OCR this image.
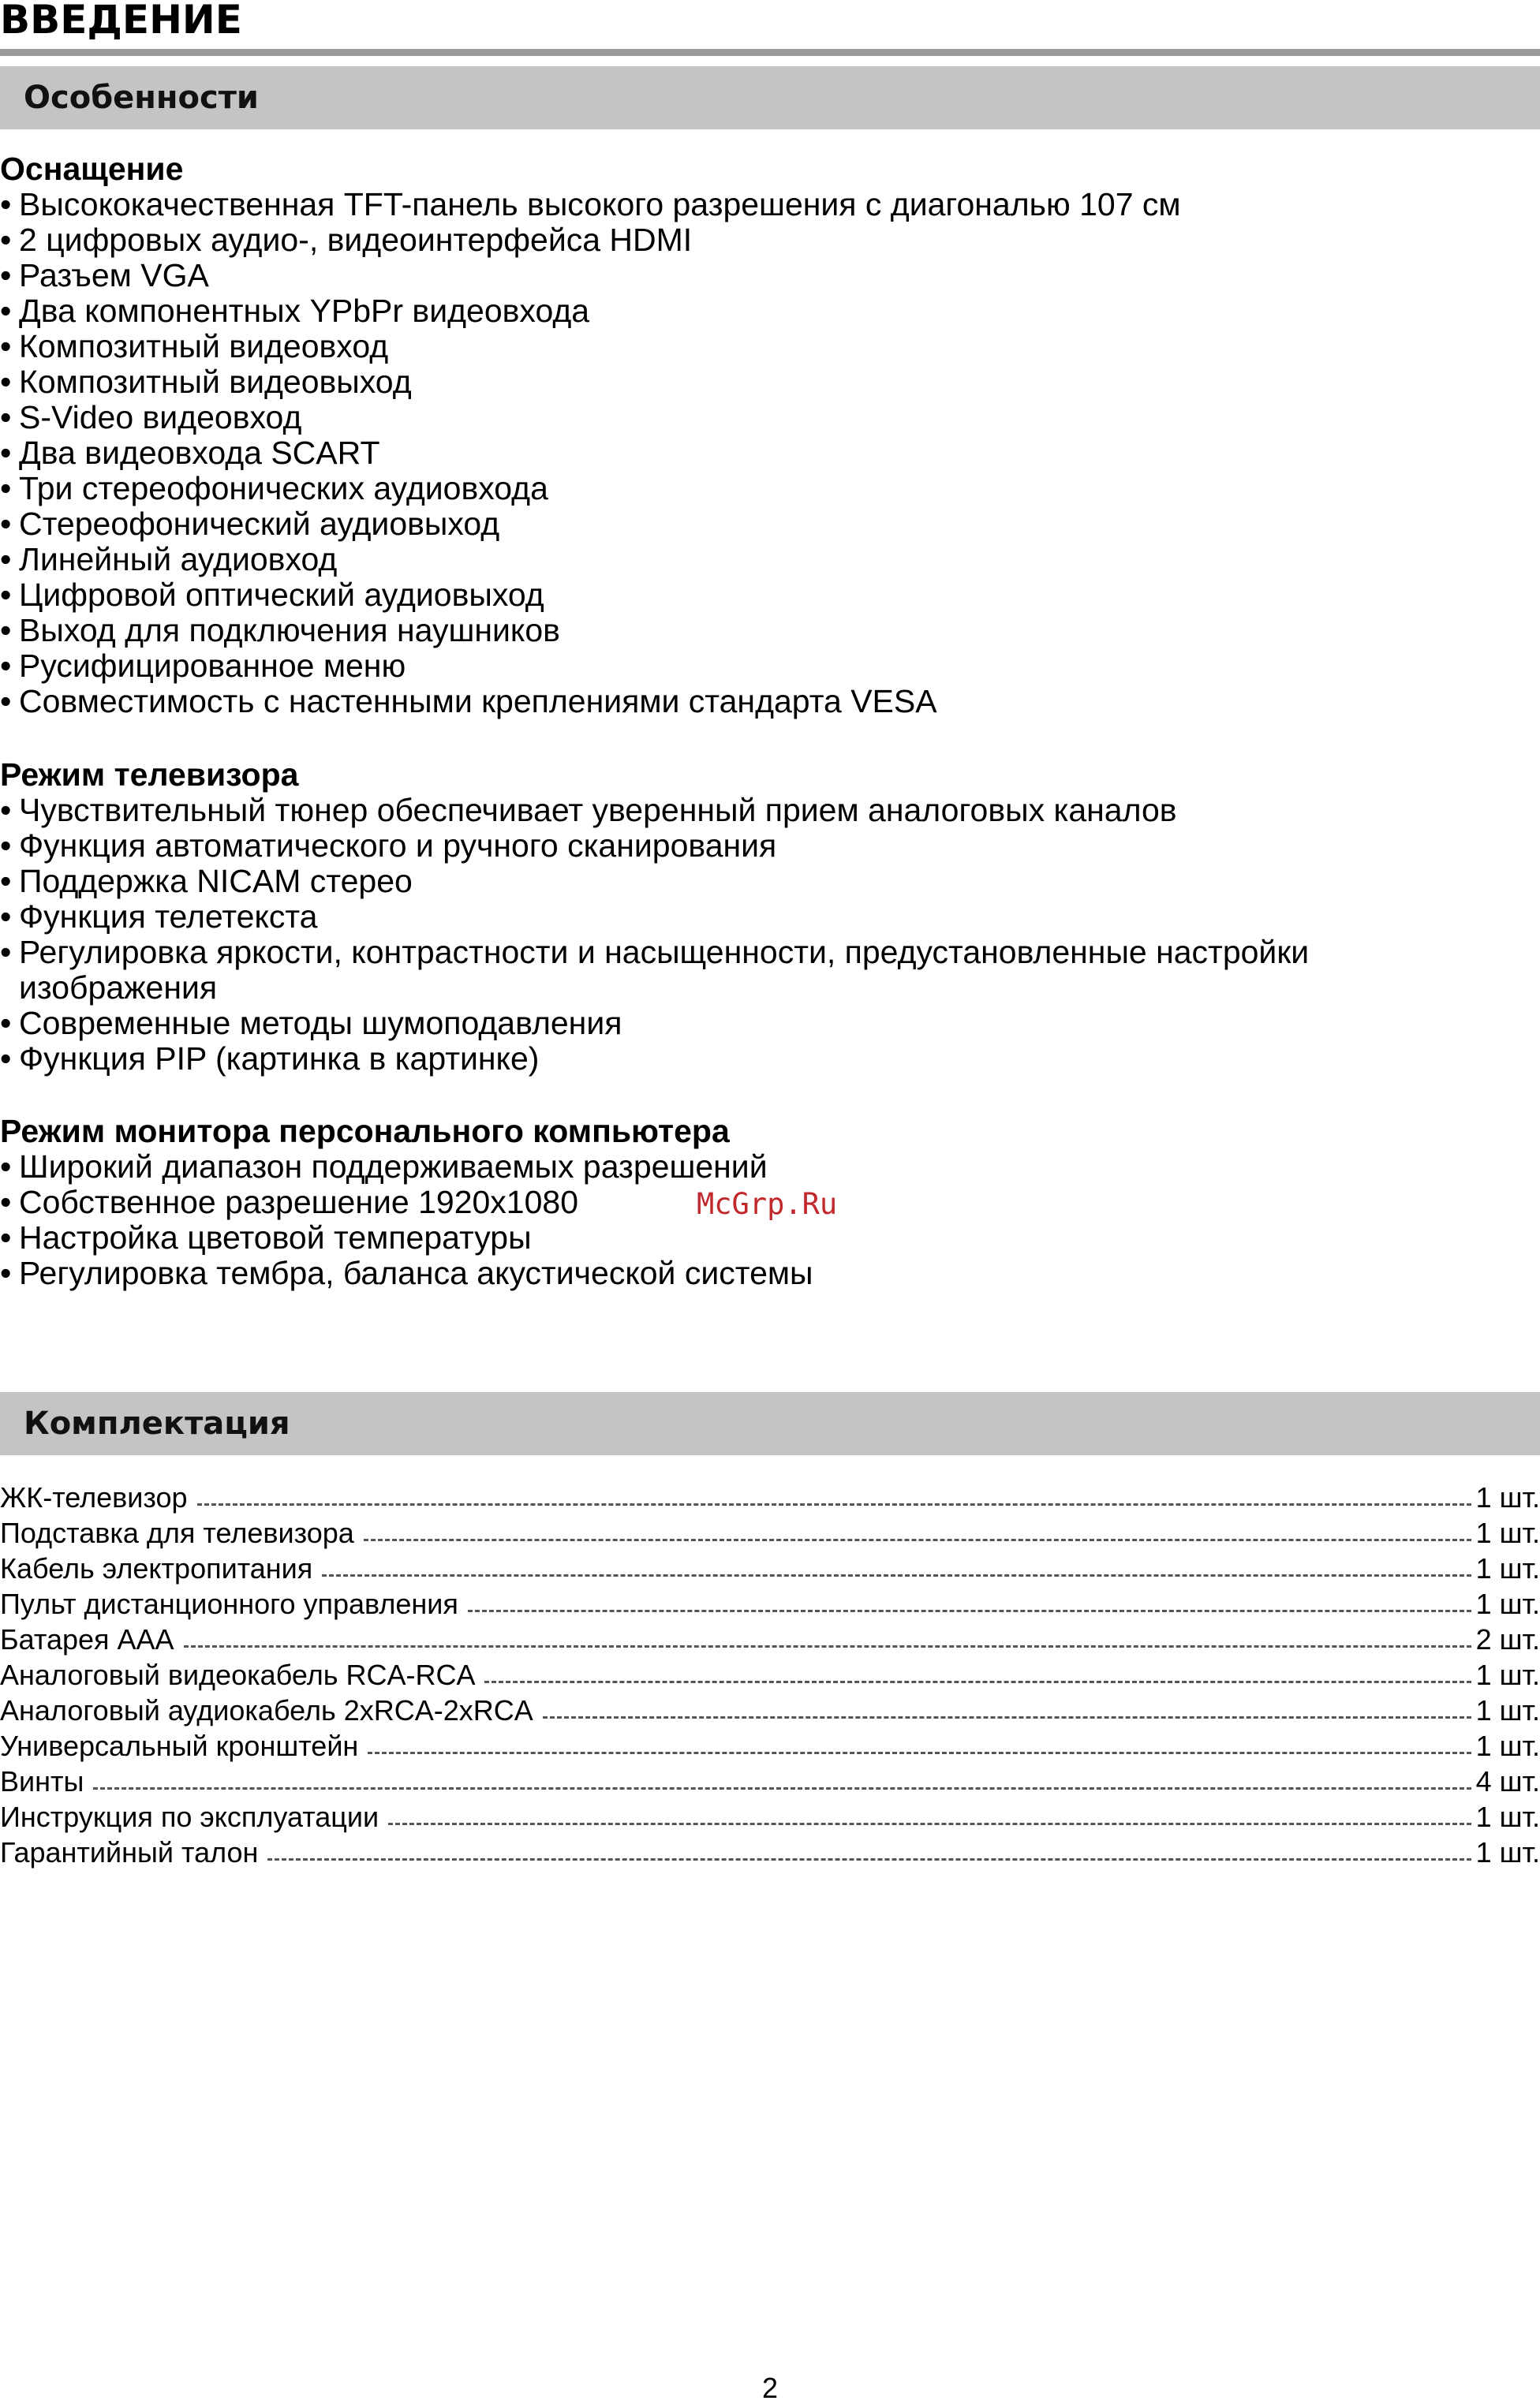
ВВЕДЕНИЕ
Особенности
Оснащение
• Высококачественная TFT-панель высокого разрешения с диагональю 107 см
• 2 цифровых аудио-, видеоинтерфейса HDMI
• Разъем VGA
• Два компонентных YPbPr видеовхода
• Композитный видеовход
• Композитный видеовыход
• S-Video видеовход
• Два видеовхода SCART
• Три стереофонических аудиовхода
• Стереофонический аудиовыход
• Линейный аудиовход
• Цифровой оптический аудиовыход
• Выход для подключения наушников
• Русифицированное меню
• Совместимость с настенными креплениями стандарта VESA
Режим телевизора
• Чувствительный тюнер обеспечивает уверенный прием аналоговых каналов
• Функция автоматического и ручного сканирования
• Поддержка NICAM стерео
• Функция телетекста
• Регулировка яркости, контрастности и насыщенности, предустановленные настройки изображения
• Современные методы шумоподавления
• Функция PIP (картинка в картинке)
Режим монитора персонального компьютера
• Широкий диапазон поддерживаемых разрешений
• Собственное разрешение 1920x1080
• Настройка цветовой температуры
• Регулировка тембра, баланса акустической системы
McGrp.Ru
Комплектация
ЖК-телевизор	1 шт.
Подставка для телевизора	1 шт.
Кабель электропитания	1 шт.
Пульт дистанционного управления	1 шт.
Батарея AAA	2 шт.
Аналоговый видеокабель RCA-RCA	1 шт.
Аналоговый аудиокабель 2xRCA-2xRCA	1 шт.
Универсальный кронштейн	1 шт.
Винты	4 шт.
Инструкция по эксплуатации	1 шт.
Гарантийный талон	1 шт.
2
